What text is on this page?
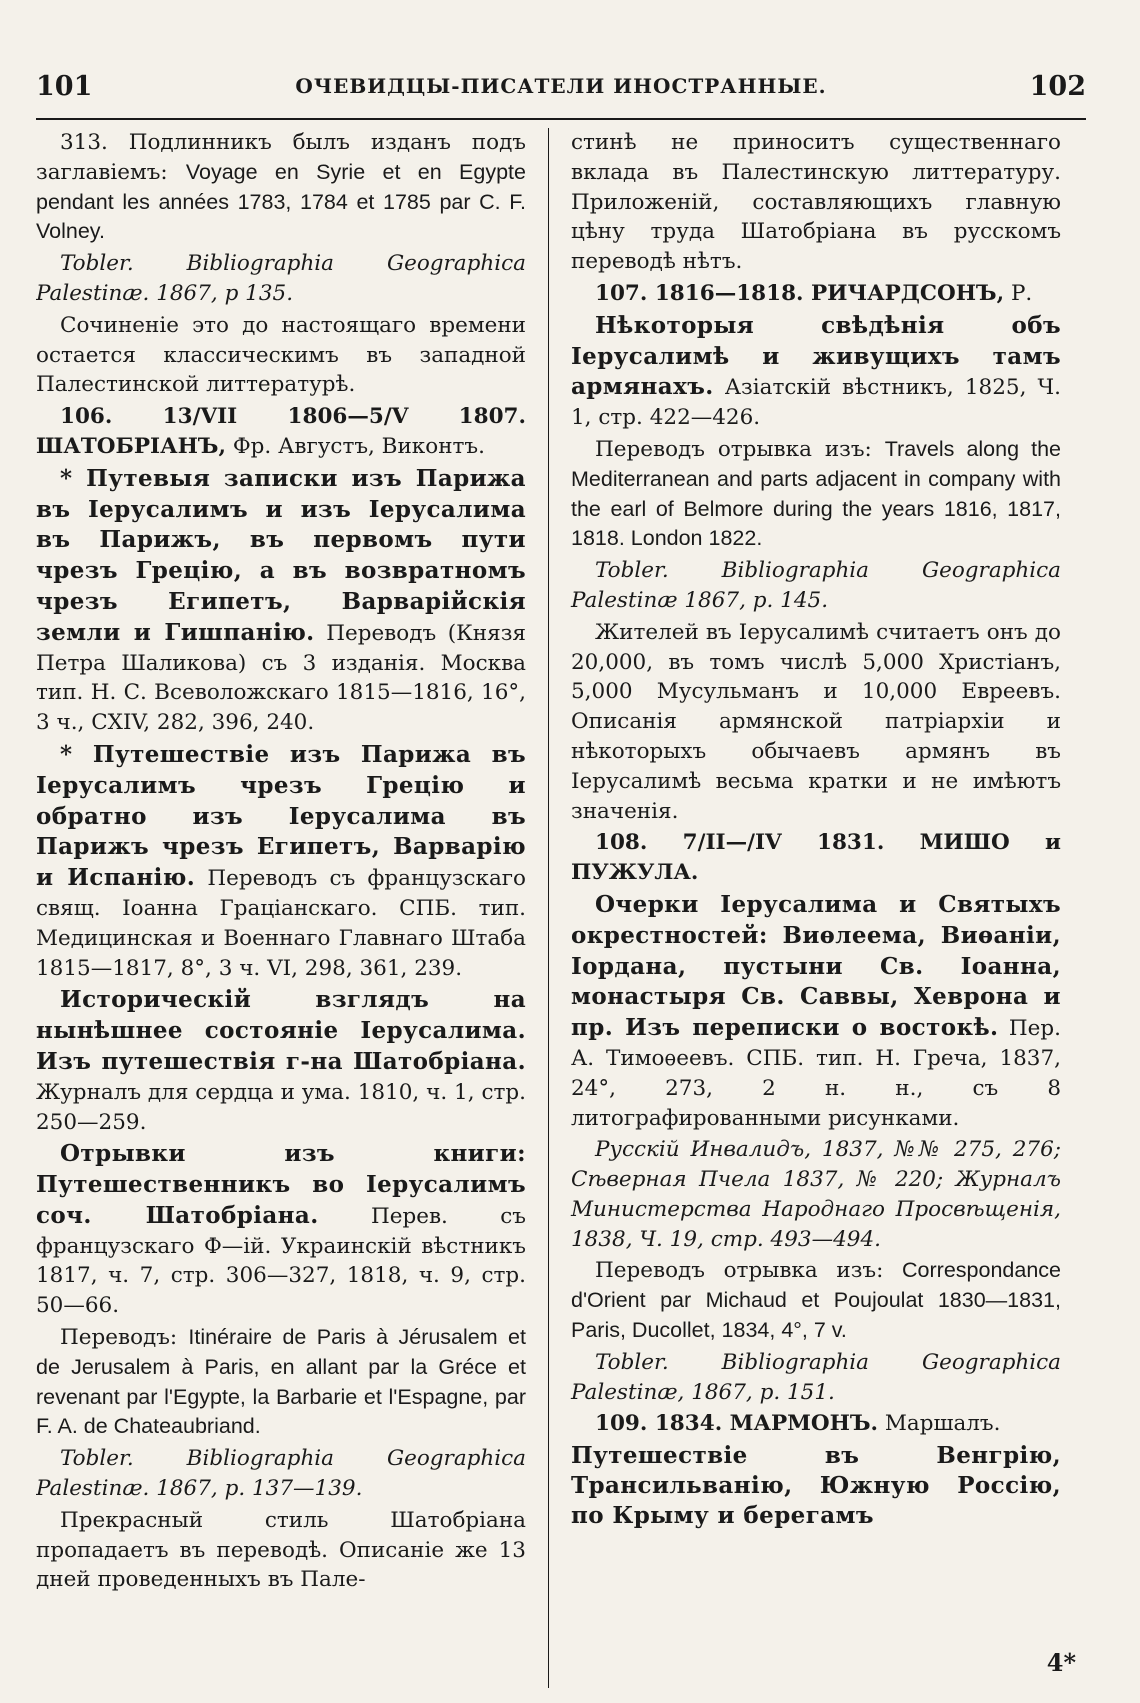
101	ОЧЕВИДЦЫ-ПИСАТЕЛИ ИНОСТРАННЫЕ.	102

313. Подлинникъ былъ изданъ подъ заглавіемъ: Voyage en Syrie et en Egypte pendant les années 1783, 1784 et 1785 par C. F. Volney.

Tobler. Bibliographia Geographica Palestinæ. 1867, p 135.

Сочиненіе это до настоящаго времени остается классическимъ въ западной Палестинской литтературѣ.

106. 13/VII 1806—5/V 1807. ШАТОБРІАНЪ, Фр. Августъ, Виконтъ.

* Путевыя записки изъ Парижа въ Іерусалимъ и изъ Іерусалима въ Парижъ, въ первомъ пути чрезъ Грецію, а въ возвратномъ чрезъ Египетъ, Варварійскія земли и Гишпанію. Переводъ (Князя Петра Шаликова) съ 3 изданія. Москва тип. Н. С. Всеволожскаго 1815—1816, 16°, 3 ч., CXIV, 282, 396, 240.

* Путешествіе изъ Парижа въ Іерусалимъ чрезъ Грецію и обратно изъ Іерусалима въ Парижъ чрезъ Египетъ, Варварію и Испанію. Переводъ съ французскаго свящ. Іоанна Граціанскаго. СПБ. тип. Медицинская и Военнаго Главнаго Штаба 1815—1817, 8°, 3 ч. VI, 298, 361, 239.

Историческій взглядъ на нынѣшнее состояніе Іерусалима. Изъ путешествія г-на Шатобріана. Журналъ для сердца и ума. 1810, ч. 1, стр. 250—259.

Отрывки изъ книги: Путешественникъ во Іерусалимъ соч. Шатобріана. Перев. съ французскаго Ф—ій. Украинскій вѣстникъ 1817, ч. 7, стр. 306—327, 1818, ч. 9, стр. 50—66.

Переводъ: Itinéraire de Paris à Jérusalem et de Jerusalem à Paris, en allant par la Gréce et revenant par l'Egypte, la Barbarie et l'Espagne, par F. A. de Chateaubriand.

Tobler. Bibliographia Geographica Palestinæ. 1867, p. 137—139.

Прекрасный стиль Шатобріана пропадаетъ въ переводѣ. Описаніе же 13 дней проведенныхъ въ Пале-

стинѣ не приноситъ существеннаго вклада въ Палестинскую литтературу. Приложеній, составляющихъ главную цѣну труда Шатобріана въ русскомъ переводѣ нѣтъ.

107. 1816—1818. РИЧАРДСОНЪ, Р.

Нѣкоторыя свѣдѣнія объ Іерусалимѣ и живущихъ тамъ армянахъ. Азіатскій вѣстникъ, 1825, Ч. 1, стр. 422—426.

Переводъ отрывка изъ: Travels along the Mediterranean and parts adjacent in company with the earl of Belmore during the years 1816, 1817, 1818. London 1822.

Tobler. Bibliographia Geographica Palestinæ 1867, p. 145.

Жителей въ Іерусалимѣ считаетъ онъ до 20,000, въ томъ числѣ 5,000 Христіанъ, 5,000 Мусульманъ и 10,000 Евреевъ. Описанія армянской патріархіи и нѣкоторыхъ обычаевъ армянъ въ Іерусалимѣ весьма кратки и не имѣютъ значенія.

108. 7/II—/IV 1831. МИШО и ПУЖУЛА.

Очерки Іерусалима и Святыхъ окрестностей: Виѳлеема, Виѳаніи, Іордана, пустыни Св. Іоанна, монастыря Св. Саввы, Хеврона и пр. Изъ переписки о востокѣ. Пер. А. Тимоѳеевъ. СПБ. тип. Н. Греча, 1837, 24°, 273, 2 н. н., съ 8 литографированными рисунками.

Русскій Инвалидъ, 1837, №№ 275, 276; Сѣверная Пчела 1837, № 220; Журналъ Министерства Народнаго Просвѣщенія, 1838, Ч. 19, стр. 493—494.

Переводъ отрывка изъ: Correspondance d'Orient par Michaud et Poujoulat 1830—1831, Paris, Ducollet, 1834, 4°, 7 v.

Tobler. Bibliographia Geographica Palestinæ, 1867, p. 151.

109. 1834. МАРМОНЪ. Маршалъ.

Путешествіе въ Венгрію, Трансильванію, Южную Россію, по Крыму и берегамъ

4*
